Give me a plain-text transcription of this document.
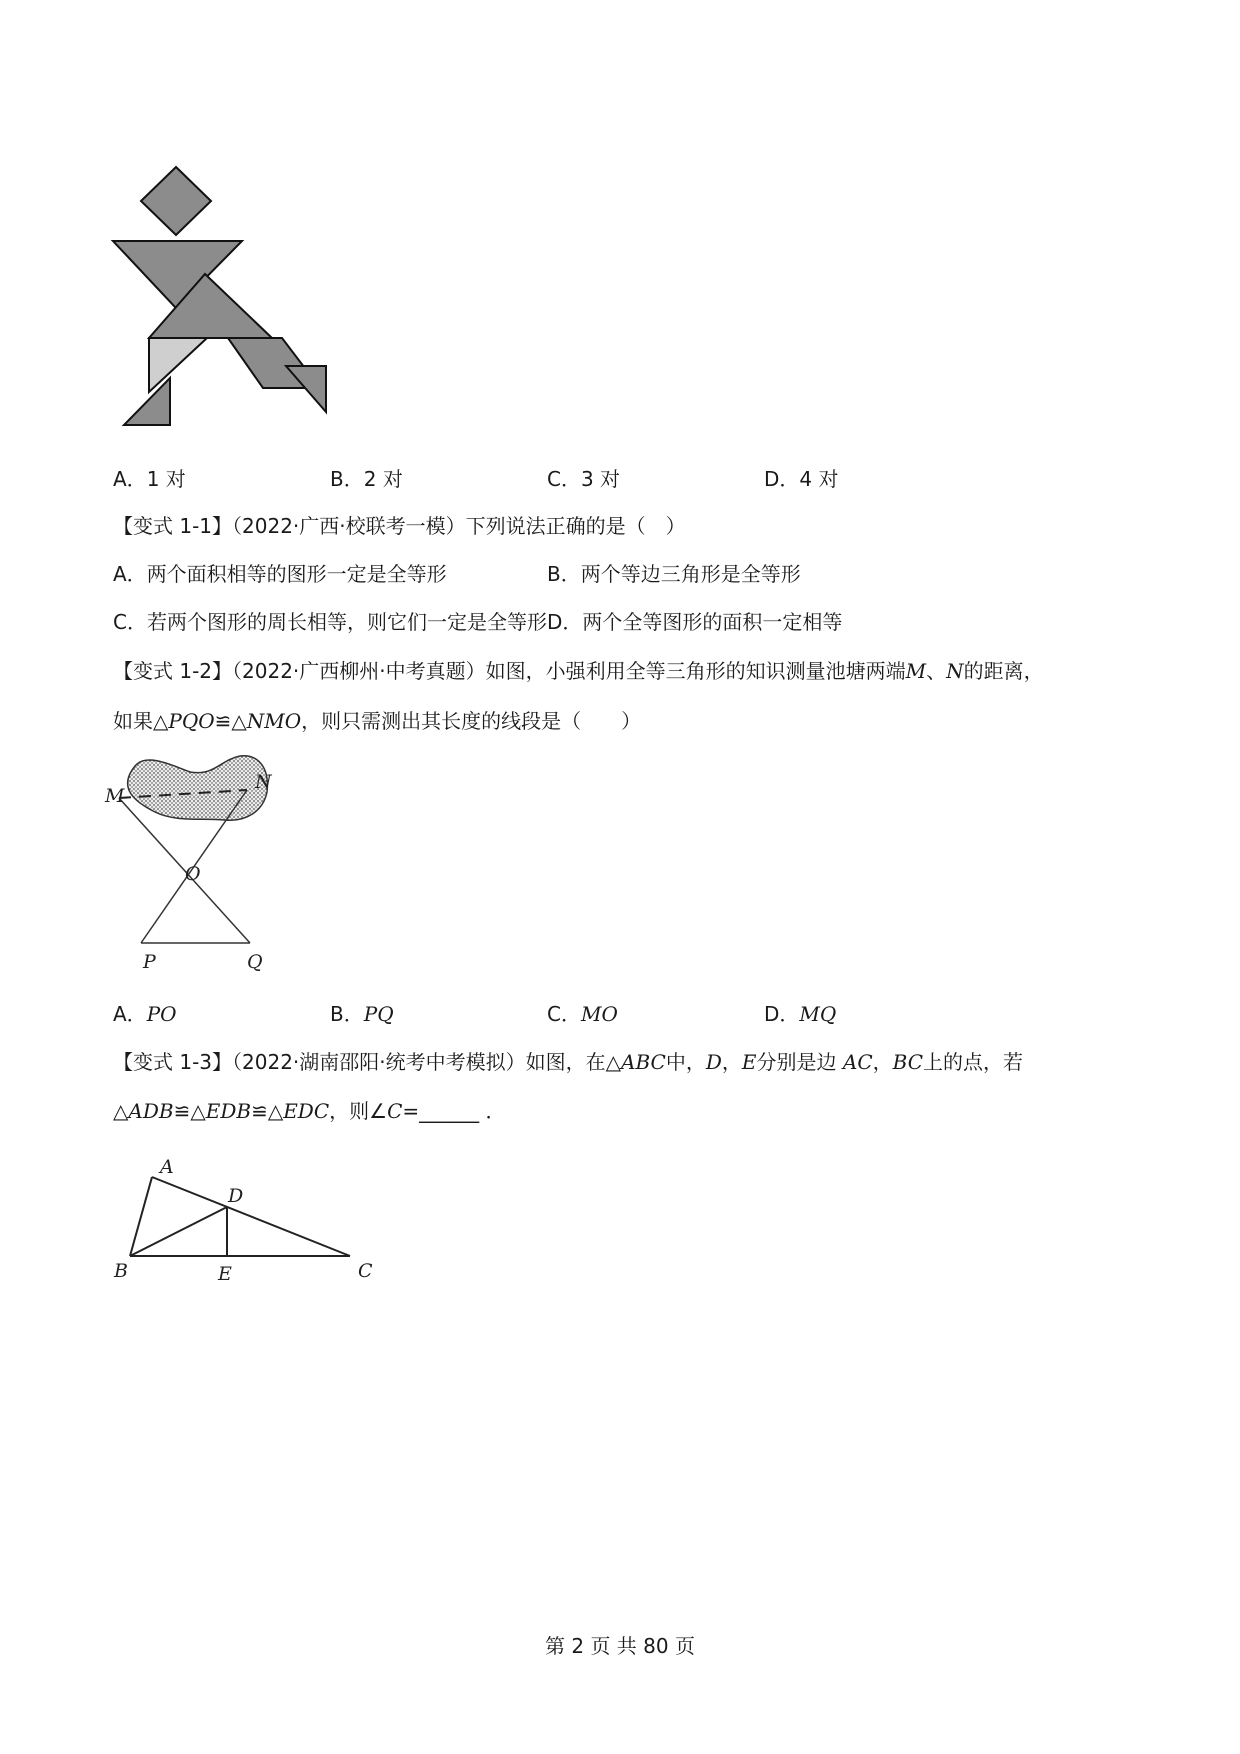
A．1 对	B．2 对	C．3 对	D．4 对
【变式 1-1】（2022·广西·校联考一模）下列说法正确的是（　）
A．两个面积相等的图形一定是全等形	B．两个等边三角形是全等形
C．若两个图形的周长相等，则它们一定是全等形 D．两个全等图形的面积一定相等
【变式 1-2】（2022·广西柳州·中考真题）如图，小强利用全等三角形的知识测量池塘两端M、N的距离，
如果△PQO≌△NMO，则只需测出其长度的线段是（　　）
M
N
O
P	Q
A．PO	B．PQ	C．MO	D．MQ
【变式 1-3】（2022·湖南邵阳·统考中考模拟）如图，在△ABC中，D，E分别是边 AC，BC上的点，若
△ADB≌△EDB≌△EDC，则∠C=______ ．
A
B	C
D
E
第 2 页 共 80 页
